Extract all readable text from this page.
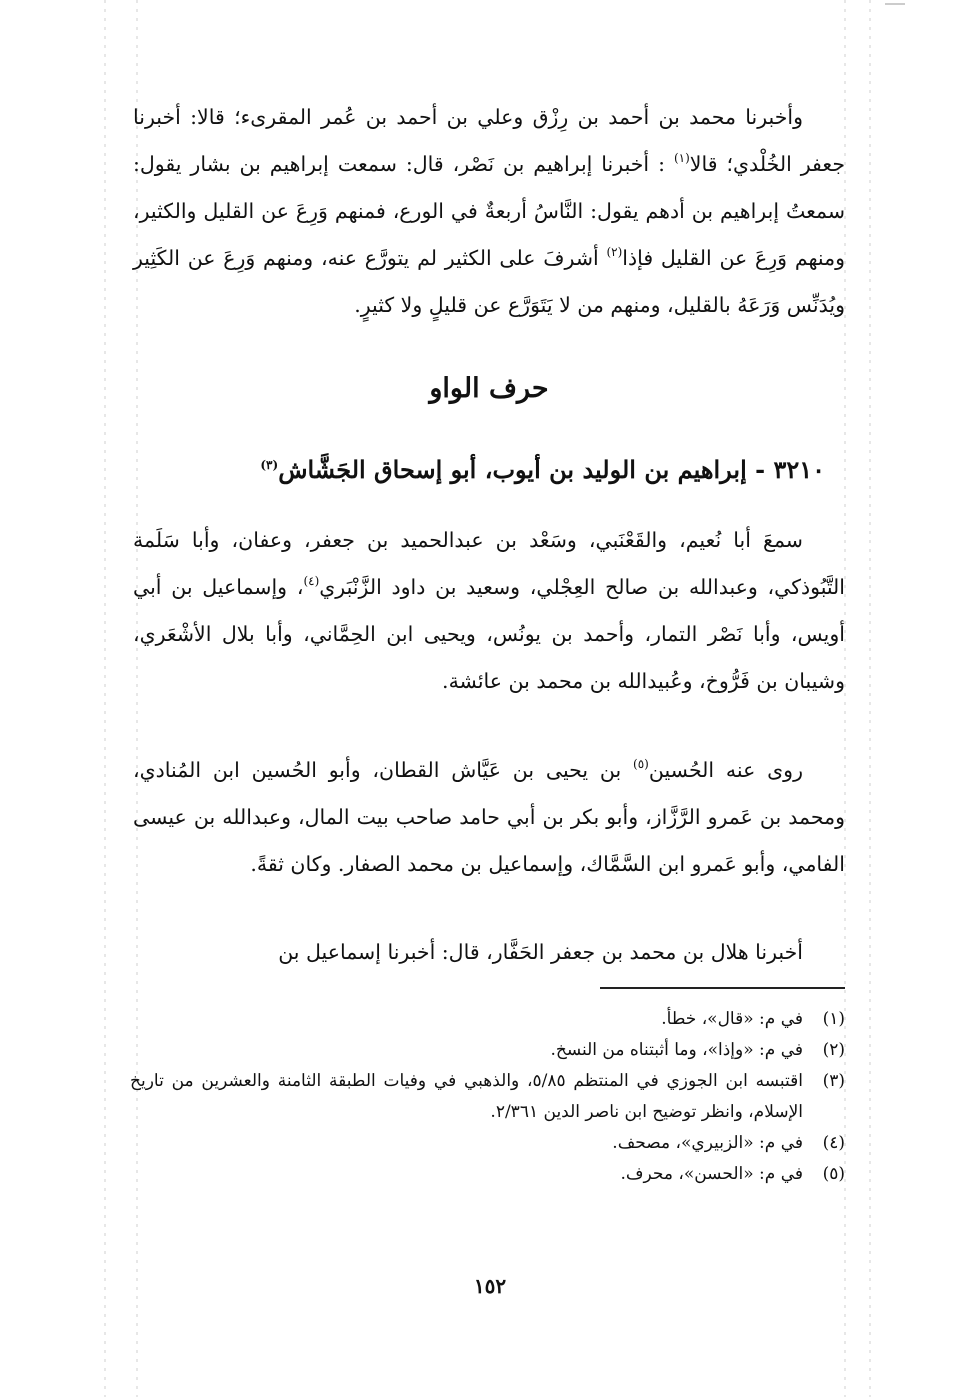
وأخبرنا محمد بن أحمد بن رِزْق وعلي بن أحمد بن عُمر المقرىء؛ قالا: أخبرنا جعفر الخُلْدي؛ قالا$^{(١)}$ : أخبرنا إبراهيم بن نَصْر، قال: سمعت إبراهيم بن بشار يقول: سمعتُ إبراهيم بن أدهم يقول: النَّاسُ أربعةٌ في الورع، فمنهم وَرِعَ عن القليل والكثير، ومنهم وَرِعَ عن القليل فإذا$^{(٢)}$ أشرفَ على الكثير لم يتورَّع عنه، ومنهم وَرِعَ عن الكَثِير ويُدَنِّس وَرَعَهُ بالقليل، ومنهم من لا يَتَوَرَّع عن قليلٍ ولا كثيرٍ.

حرف الواو
٣٢١٠ - إبراهيم بن الوليد بن أيوب، أبو إسحاق الجَشَّاش$^{(٣)}$

سمعَ أبا نُعيم، والقَعْنَبي، وسَعْد بن عبدالحميد بن جعفر، وعفان، وأبا سَلَمة التَّبُوذكي، وعبدالله بن صالح العِجْلي، وسعيد بن داود الزَّنْبَري$^{(٤)}$، وإسماعيل بن أبي أويس، وأبا نَصْر التمار، وأحمد بن يونُس، ويحيى ابن الحِمَّاني، وأبا بلال الأشْعَري، وشيبان بن فَرُّوخ، وعُبيدالله بن محمد بن عائشة.

روى عنه الحُسين$^{(٥)}$ بن يحيى بن عَيَّاش القطان، وأبو الحُسين ابن المُنادي، ومحمد بن عَمرو الرَّزَّاز، وأبو بكر بن أبي حامد صاحب بيت المال، وعبدالله بن عيسى الفامي، وأبو عَمرو ابن السَّمَّاك، وإسماعيل بن محمد الصفار. وكان ثقةً.

أخبرنا هلال بن محمد بن جعفر الحَفَّار، قال: أخبرنا إسماعيل بن

(١)
في م: «قال»، خطأ.
(٢)
في م: «وإذا»، وما أثبتناه من النسخ.
(٣)
اقتبسه ابن الجوزي في المنتظم ٥/٨٥، والذهبي في وفيات الطبقة الثامنة والعشرين من تاريخ الإسلام، وانظر توضيح ابن ناصر الدين ٢/٣٦١.
(٤)
في م: «الزبيري»، مصحف.
(٥)
في م: «الحسن»، محرف.
١٥٢
